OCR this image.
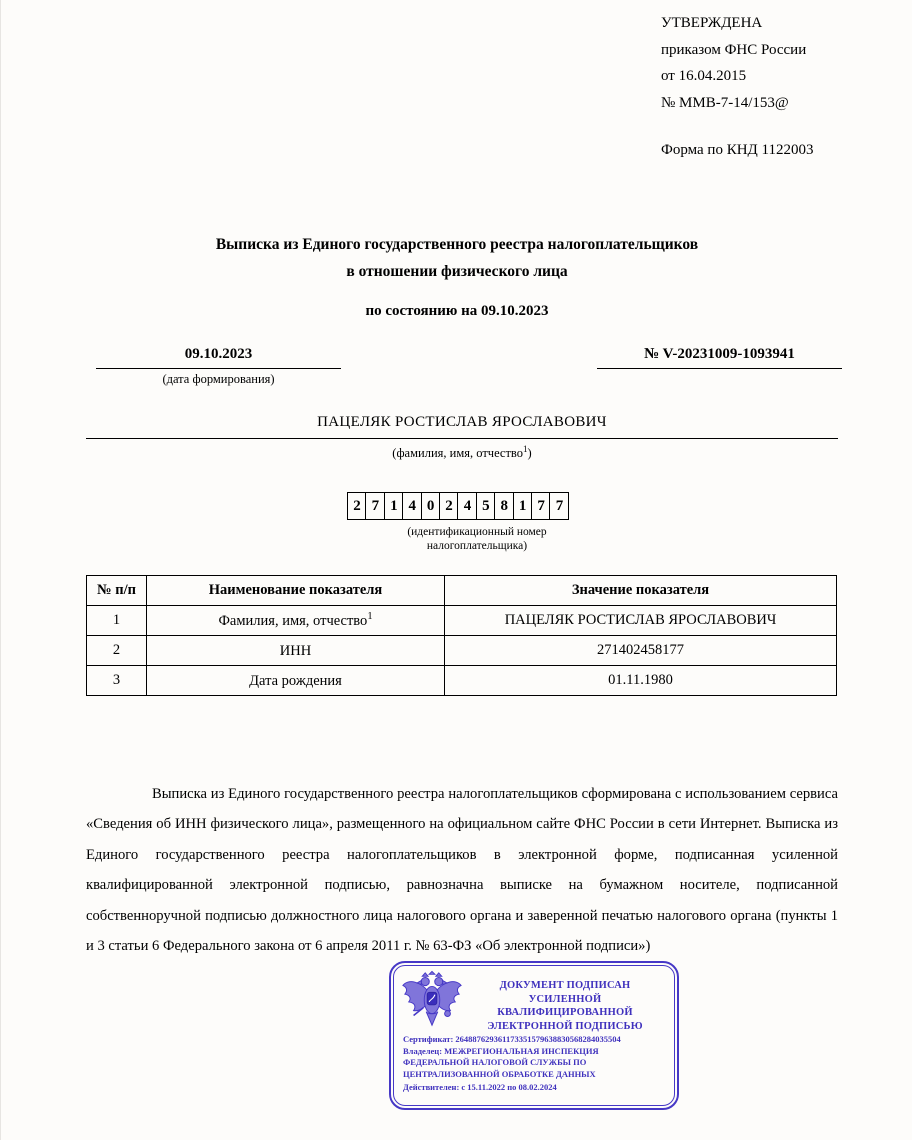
УТВЕРЖДЕНА
приказом ФНС России
от 16.04.2015
№ ММВ-7-14/153@
Форма по КНД 1122003
Выписка из Единого государственного реестра налогоплательщиков
в отношении физического лица
по состоянию на 09.10.2023
09.10.2023
(дата формирования)
№ V-20231009-1093941
ПАЦЕЛЯК РОСТИСЛАВ ЯРОСЛАВОВИЧ
(фамилия, имя, отчество$^1$)
2 7 1 4 0 2 4 5 8 1 7 7
(идентификационный номер
налогоплательщика)
№ п/п	Наименование показателя	Значение показателя
1	Фамилия, имя, отчество$^1$	ПАЦЕЛЯК РОСТИСЛАВ ЯРОСЛАВОВИЧ
2	ИНН	271402458177
3	Дата рождения	01.11.1980
Выписка из Единого государственного реестра налогоплательщиков сформирована с использованием сервиса «Сведения об ИНН физического лица», размещенного на официальном сайте ФНС России в сети Интернет. Выписка из Единого государственного реестра налогоплательщиков в электронной форме, подписанная усиленной квалифицированной электронной подписью, равнозначна выписке на бумажном носителе, подписанной собственноручной подписью должностного лица налогового органа и заверенной печатью налогового органа (пункты 1 и 3 статьи 6 Федерального закона от 6 апреля 2011 г. № 63-ФЗ «Об электронной подписи»)
ДОКУМЕНТ ПОДПИСАН
УСИЛЕННОЙ КВАЛИФИЦИРОВАННОЙ
ЭЛЕКТРОННОЙ ПОДПИСЬЮ
Сертификат: 264887629361173351579638830568284035504
Владелец: МЕЖРЕГИОНАЛЬНАЯ ИНСПЕКЦИЯ ФЕДЕРАЛЬНОЙ НАЛОГОВОЙ СЛУЖБЫ ПО ЦЕНТРАЛИЗОВАННОЙ ОБРАБОТКЕ ДАННЫХ
Действителен: с 15.11.2022 по 08.02.2024
